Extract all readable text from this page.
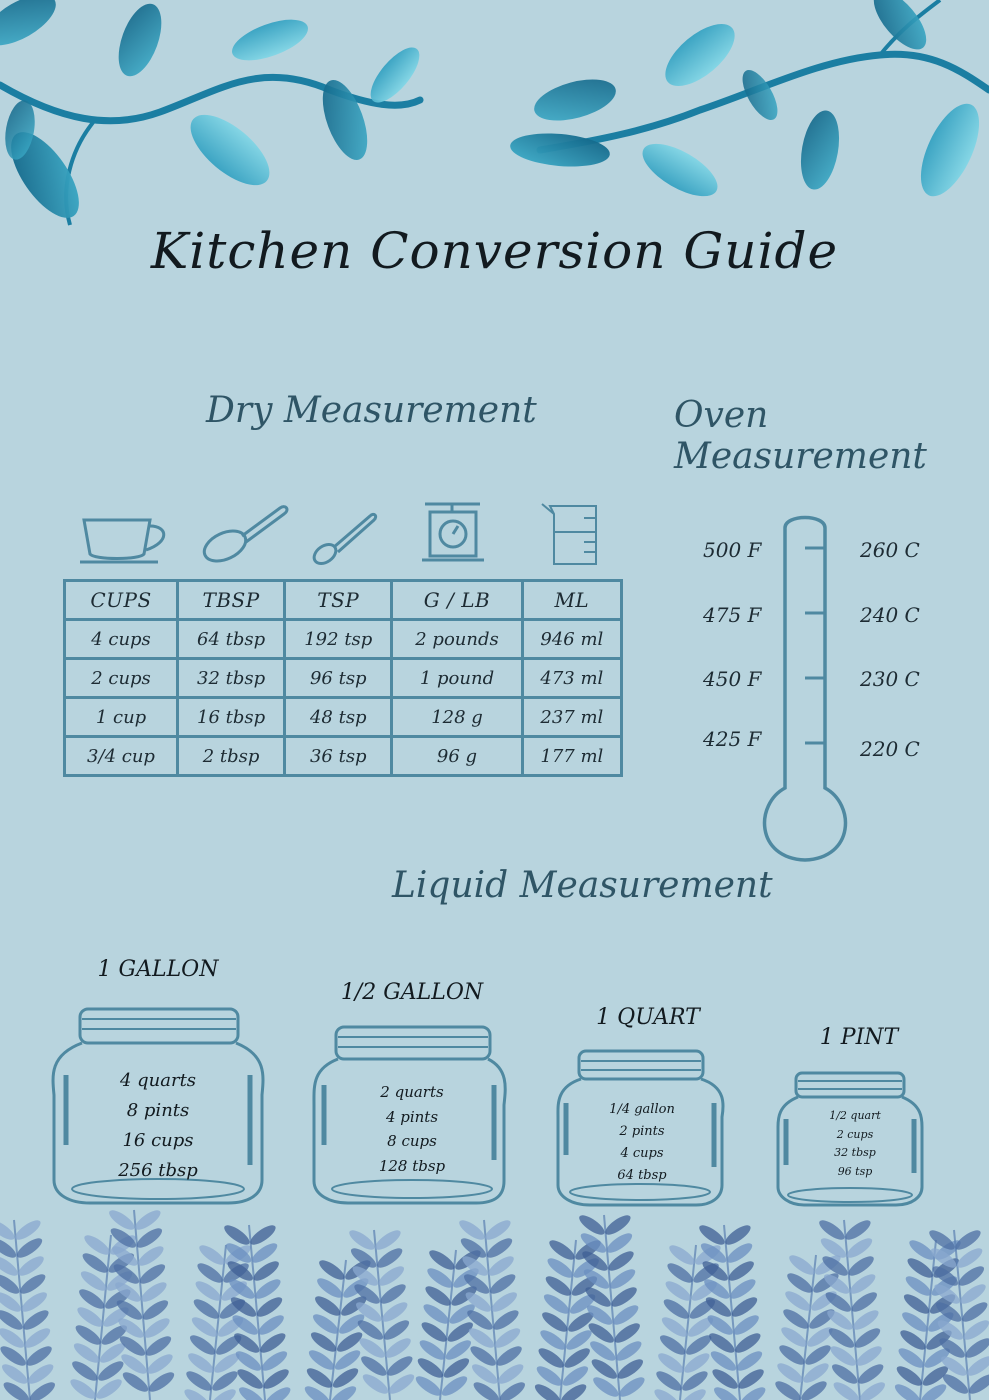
Kitchen Conversion Guide
Dry Measurement
CUPS	TBSP	TSP	G / LB	ML
4 cups	64 tbsp	192 tsp	2 pounds	946 ml
2 cups	32 tbsp	96 tsp	1 pound	473 ml
1 cup	16 tbsp	48 tsp	128 g	237 ml
3/4 cup	2 tbsp	36 tsp	96 g	177 ml
Oven Measurement
500 F
475 F
450 F
425 F
260 C
240 C
230 C
220 C
Liquid Measurement
1 GALLON
1/2 GALLON
1 QUART
1 PINT
4 quarts
8 pints
16 cups
256 tbsp
2 quarts
4 pints
8 cups
128 tbsp
1/4 gallon
2 pints
4 cups
64 tbsp
1/2 quart
2 cups
32 tbsp
96 tsp
